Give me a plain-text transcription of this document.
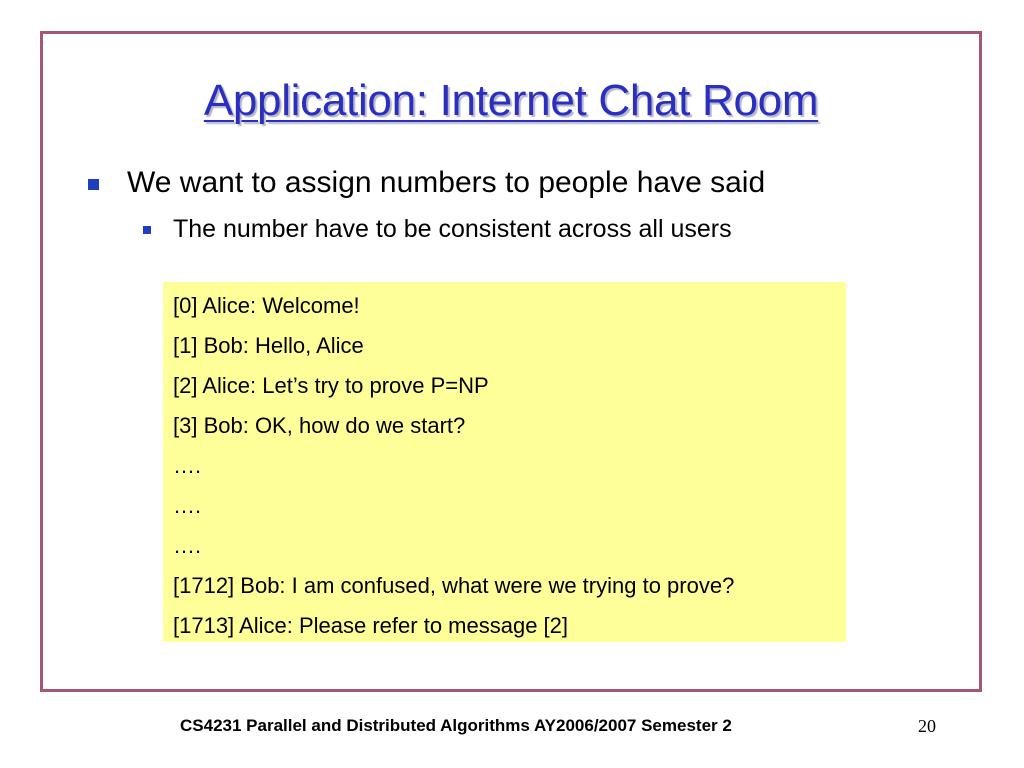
Application: Internet Chat Room
We want to assign numbers to people have said
The number have to be consistent across all users
[0] Alice: Welcome!
[1] Bob: Hello, Alice
[2] Alice: Let’s try to prove P=NP
[3] Bob: OK, how do we start?
….
….
….
[1712] Bob: I am confused, what were we trying to prove?
[1713] Alice: Please refer to message [2]
CS4231 Parallel and Distributed Algorithms AY2006/2007 Semester 2	20
